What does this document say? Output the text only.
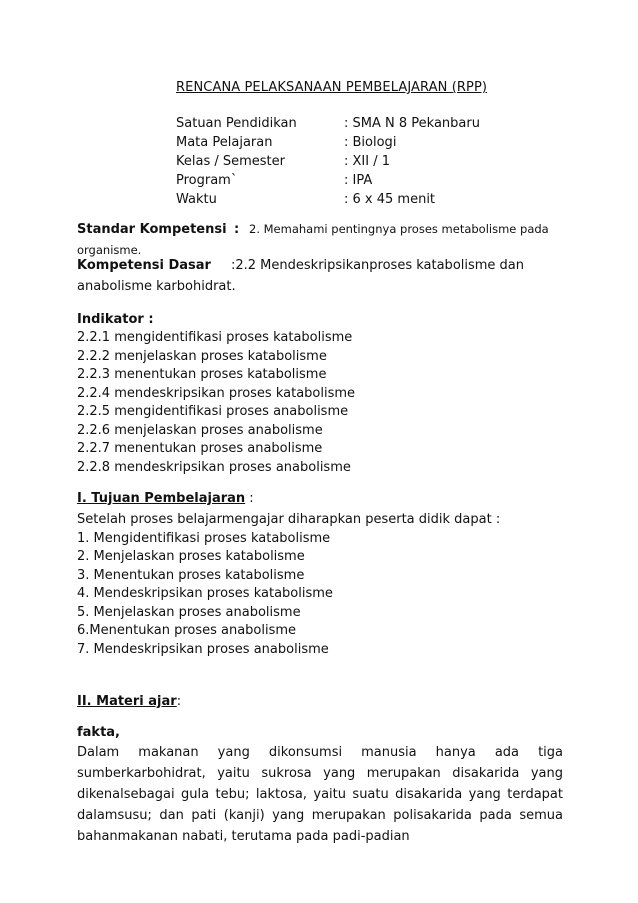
RENCANA PELAKSANAAN PEMBELAJARAN (RPP)
Satuan Pendidikan	: SMA N 8 Pekanbaru
Mata Pelajaran	: Biologi
Kelas / Semester	: XII / 1
Program`	: IPA
Waktu	: 6 x 45 menit
Standar Kompetensi : 2. Memahami pentingnya proses metabolisme pada
organisme.
Kompetensi Dasar :2.2 Mendeskripsikanproses katabolisme dan
anabolisme karbohidrat.
Indikator :
2.2.1 mengidentifikasi proses katabolisme
2.2.2 menjelaskan proses katabolisme
2.2.3 menentukan proses katabolisme
2.2.4 mendeskripsikan proses katabolisme
2.2.5 mengidentifikasi proses anabolisme
2.2.6 menjelaskan proses anabolisme
2.2.7 menentukan proses anabolisme
2.2.8 mendeskripsikan proses anabolisme
I. Tujuan Pembelajaran :
Setelah proses belajarmengajar diharapkan peserta didik dapat :
1. Mengidentifikasi proses katabolisme
2. Menjelaskan proses katabolisme
3. Menentukan proses katabolisme
4. Mendeskripsikan proses katabolisme
5. Menjelaskan proses anabolisme
6.Menentukan proses anabolisme
7. Mendeskripsikan proses anabolisme
II. Materi ajar:
fakta,
Dalam makanan yang dikonsumsi manusia hanya ada tiga sumberkarbohidrat, yaitu sukrosa yang merupakan disakarida yang dikenalsebagai gula tebu; laktosa, yaitu suatu disakarida yang terdapat dalamsusu; dan pati (kanji) yang merupakan polisakarida pada semua bahanmakanan nabati, terutama pada padi-padian
